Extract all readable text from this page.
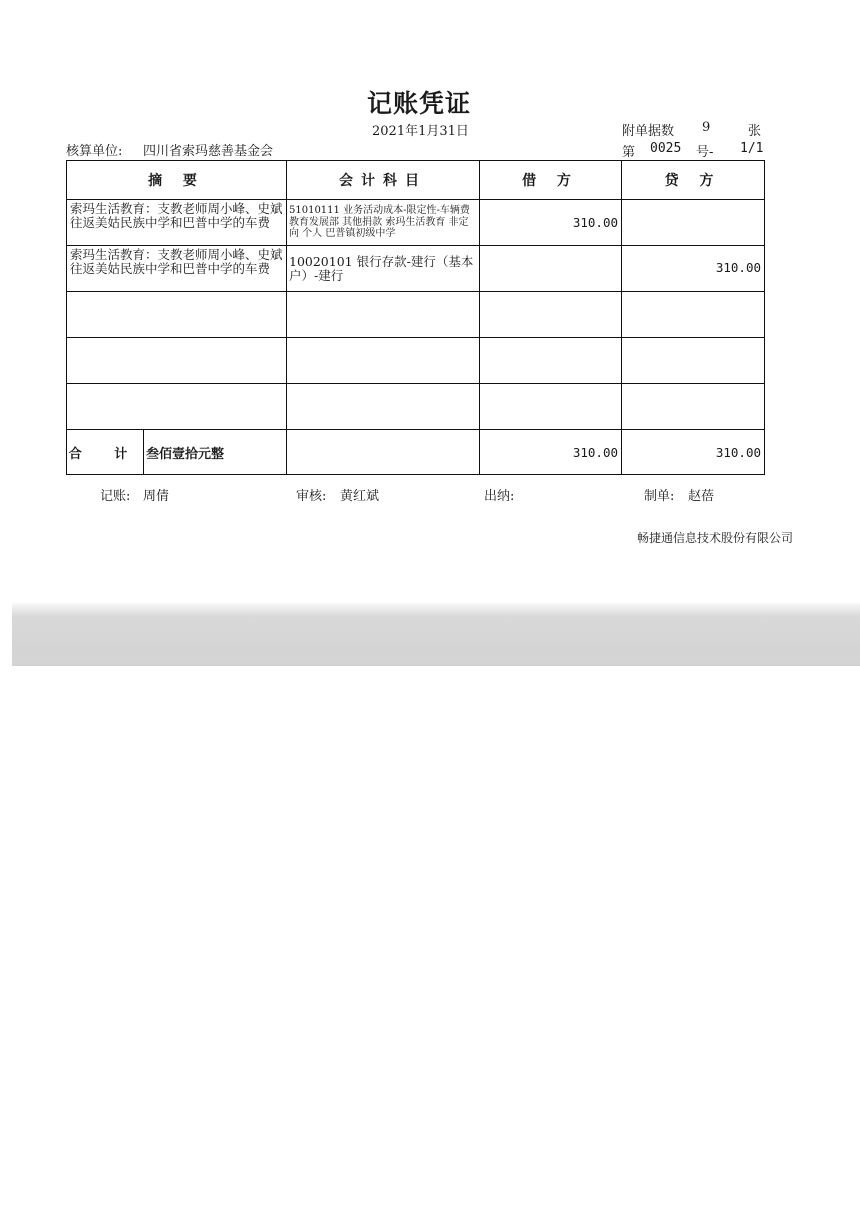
记账凭证
2021年1月31日	附单据数 9	张
核算单位: 四川省索玛慈善基金会	第 0025 号- 1/1
摘 要	会计科目	借 方	贷 方

索玛生活教育：支教老师周小峰、史斌往返美姑民族中学和巴普中学的车费	51010111 业务活动成本-限定性-车辆费 教育发展部 其他捐款 索玛生活教育 非定向 个人 巴普镇初级中学	310.00	

索玛生活教育：支教老师周小峰、史斌往返美姑民族中学和巴普中学的车费	10020101 银行存款-建行（基本户）-建行		310.00

合 计 叁佰壹拾元整		310.00	310.00
记账: 周倩	审核: 黄红斌	出纳:	制单: 赵蓓
畅捷通信息技术股份有限公司
